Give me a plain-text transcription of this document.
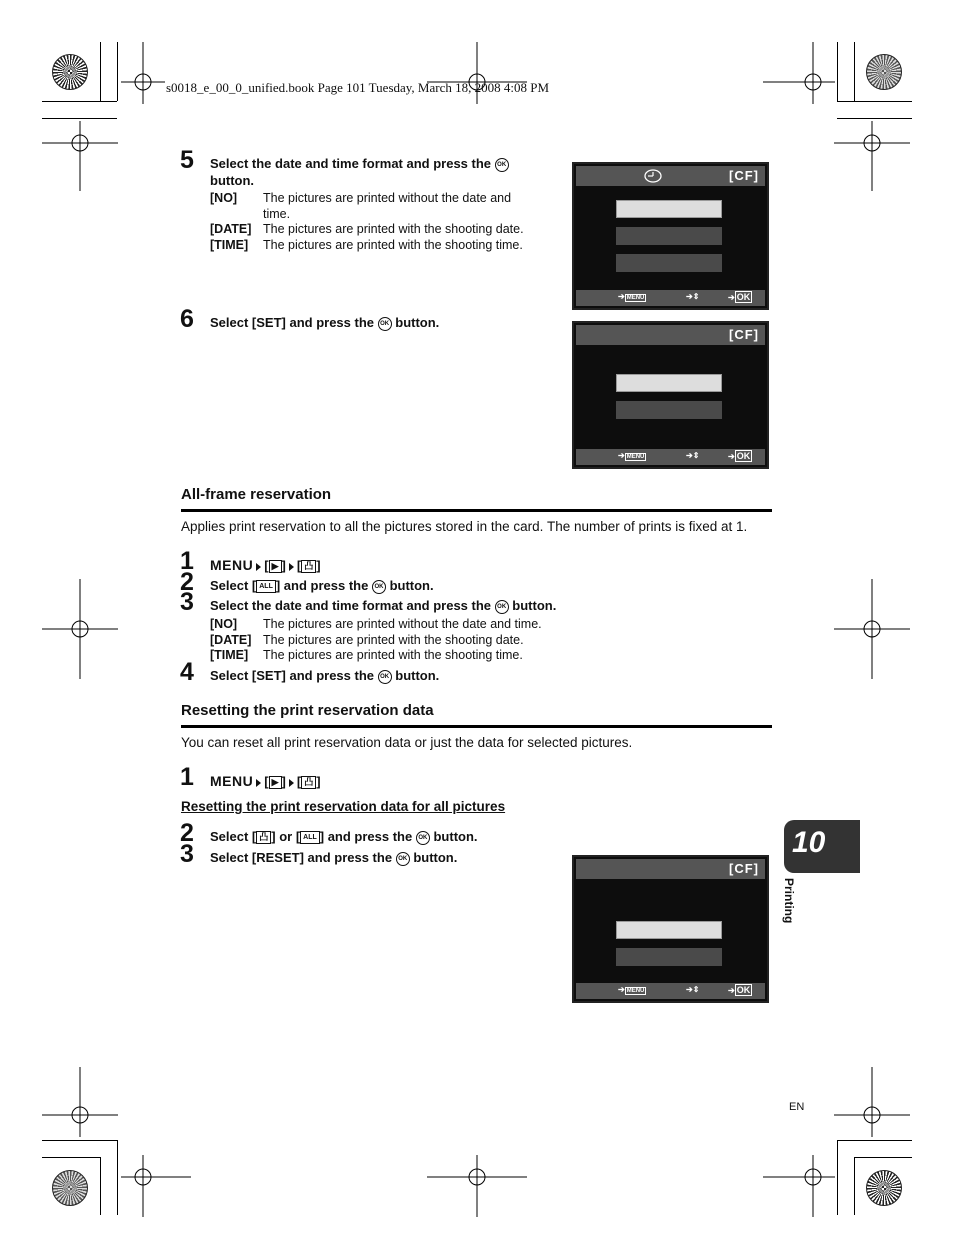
s0018_e_00_0_unified.book Page 101 Tuesday, March 18, 2008 4:08 PM
5 Select the date and time format and press the OK
button.
[NO] The pictures are printed without the date and
time.
[DATE] The pictures are printed with the shooting date.
[TIME] The pictures are printed with the shooting time.
[CF]
➔ MENU	➔⇕	➔ OK
6 Select [SET] and press the OK button.
[CF]
➔ MENU	➔⇕	➔ OK
All-frame reservation
Applies print reservation to all the pictures stored in the card. The number of prints is fixed at 1.
1 MENU [ ▶ ] [ 凸 ]
2 Select [ ALL ] and press the OK button.
3 Select the date and time format and press the OK button.
[NO] The pictures are printed without the date and time.
[DATE] The pictures are printed with the shooting date.
[TIME] The pictures are printed with the shooting time.
4 Select [SET] and press the OK button.
Resetting the print reservation data
You can reset all print reservation data or just the data for selected pictures.
1 MENU [ ▶ ] [ 凸 ]
Resetting the print reservation data for all pictures
2 Select [ 凸 ] or [ ALL ] and press the OK button.
3 Select [RESET] and press the OK button.
[CF]
➔ MENU	➔⇕	➔ OK
10
Printing
EN
